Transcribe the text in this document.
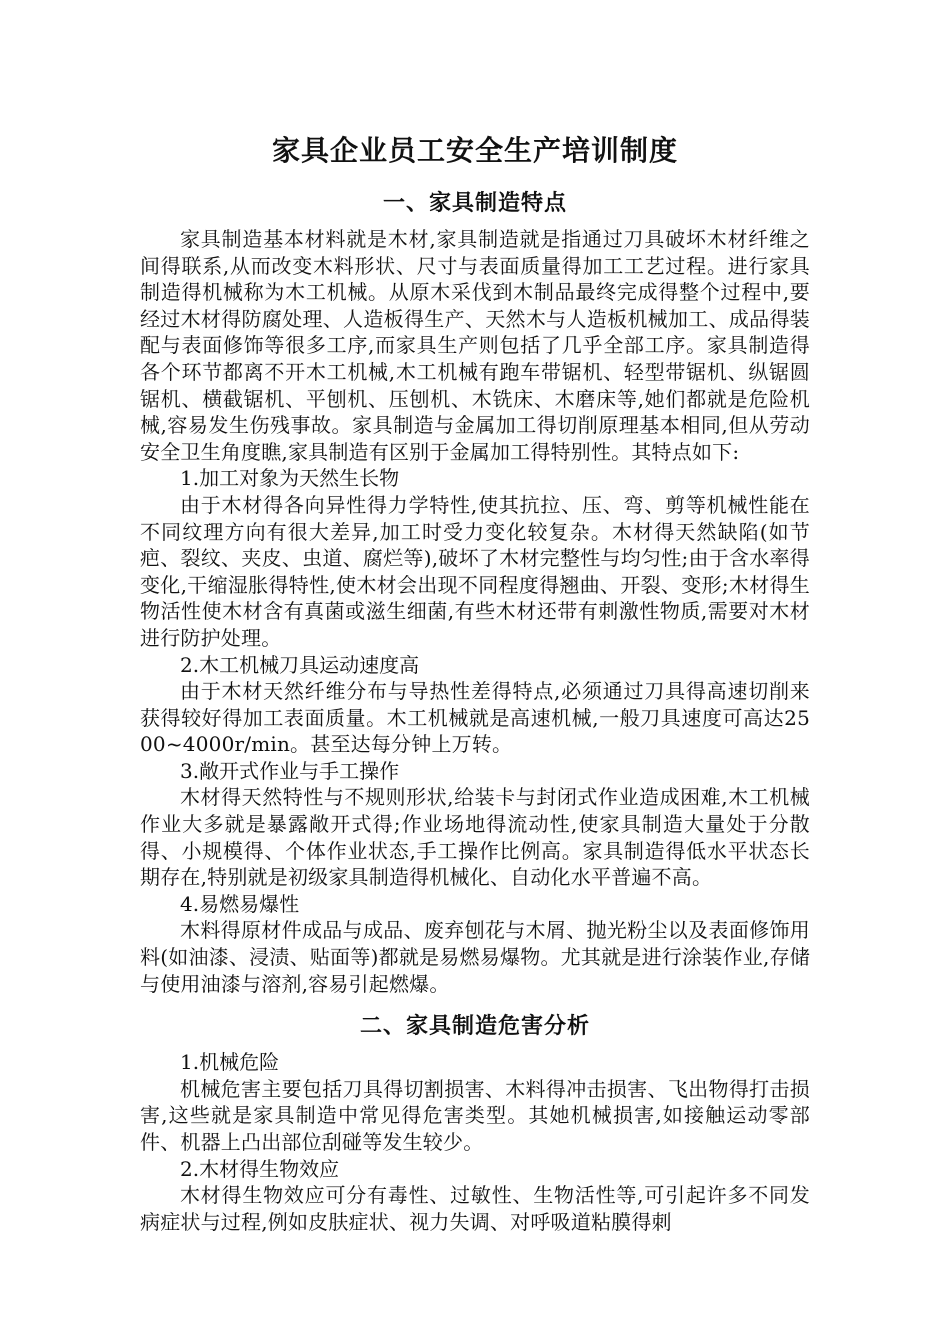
家具企业员工安全生产培训制度
一、家具制造特点

家具制造基本材料就是木材,家具制造就是指通过刀具破坏木材纤维之间得联系,从而改变木料形状、尺寸与表面质量得加工工艺过程。进行家具制造得机械称为木工机械。从原木采伐到木制品最终完成得整个过程中,要经过木材得防腐处理、人造板得生产、天然木与人造板机械加工、成品得装配与表面修饰等很多工序,而家具生产则包括了几乎全部工序。家具制造得各个环节都离不开木工机械,木工机械有跑车带锯机、轻型带锯机、纵锯圆锯机、横截锯机、平刨机、压刨机、木铣床、木磨床等,她们都就是危险机械,容易发生伤残事故。家具制造与金属加工得切削原理基本相同,但从劳动安全卫生角度瞧,家具制造有区别于金属加工得特别性。其特点如下:

1.加工对象为天然生长物

由于木材得各向异性得力学特性,使其抗拉、压、弯、剪等机械性能在不同纹理方向有很大差异,加工时受力变化较复杂。木材得天然缺陷(如节疤、裂纹、夹皮、虫道、腐烂等),破坏了木材完整性与均匀性;由于含水率得变化,干缩湿胀得特性,使木材会出现不同程度得翘曲、开裂、变形;木材得生物活性使木材含有真菌或滋生细菌,有些木材还带有刺激性物质,需要对木材进行防护处理。

2.木工机械刀具运动速度高

由于木材天然纤维分布与导热性差得特点,必须通过刀具得高速切削来获得较好得加工表面质量。木工机械就是高速机械,一般刀具速度可高达2500~4000r/min。甚至达每分钟上万转。

3.敞开式作业与手工操作

木材得天然特性与不规则形状,给装卡与封闭式作业造成困难,木工机械作业大多就是暴露敞开式得;作业场地得流动性,使家具制造大量处于分散得、小规模得、个体作业状态,手工操作比例高。家具制造得低水平状态长期存在,特别就是初级家具制造得机械化、自动化水平普遍不高。

4.易燃易爆性

木料得原材件成品与成品、废弃刨花与木屑、抛光粉尘以及表面修饰用料(如油漆、浸渍、贴面等)都就是易燃易爆物。尤其就是进行涂装作业,存储与使用油漆与溶剂,容易引起燃爆。

二、家具制造危害分析

1.机械危险

机械危害主要包括刀具得切割损害、木料得冲击损害、飞出物得打击损害,这些就是家具制造中常见得危害类型。其她机械损害,如接触运动零部件、机器上凸出部位刮碰等发生较少。

2.木材得生物效应

木材得生物效应可分有毒性、过敏性、生物活性等,可引起许多不同发病症状与过程,例如皮肤症状、视力失调、对呼吸道粘膜得刺
